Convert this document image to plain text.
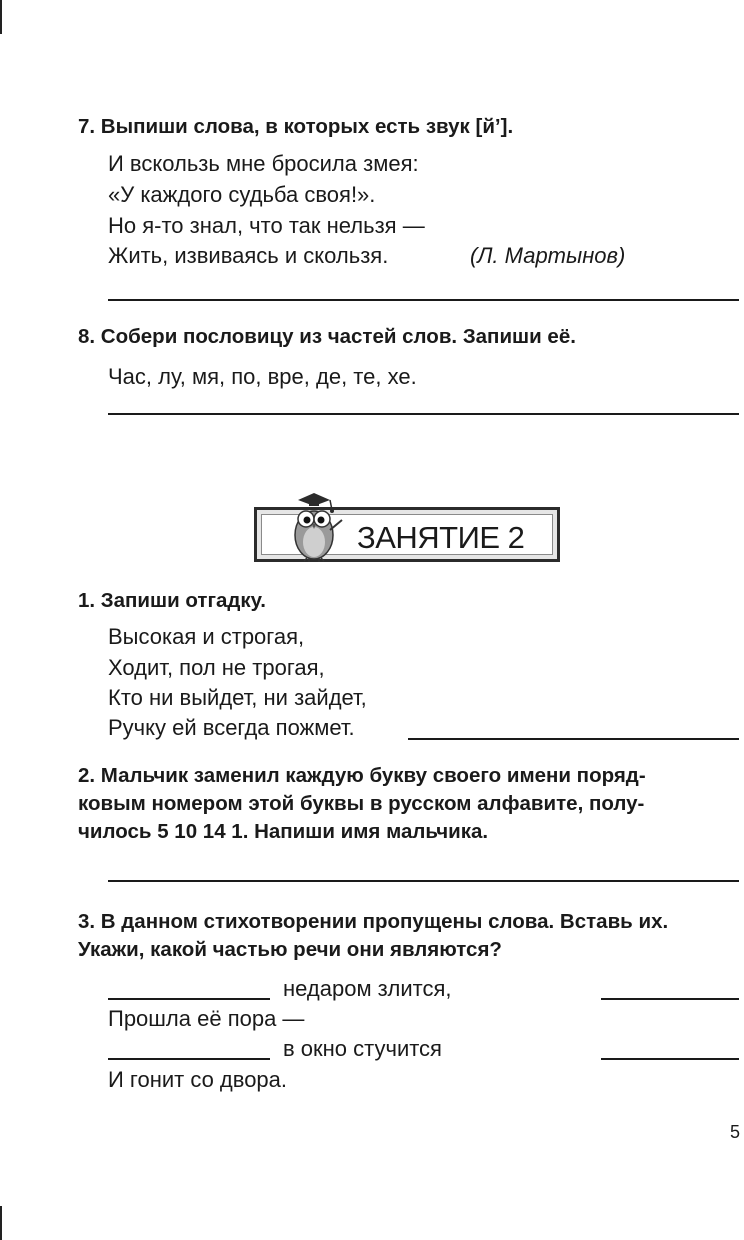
7. Выпиши слова, в которых есть звук [й’].
И вскользь мне бросила змея:
«У каждого судьба своя!».
Но я-то знал, что так нельзя —
Жить, извиваясь и скользя.	(Л. Мартынов)
8. Собери пословицу из частей слов. Запиши её.
Час, лу, мя, по, вре, де, те, хе.
ЗАНЯТИЕ 2
1. Запиши отгадку.
Высокая и строгая,
Ходит, пол не трогая,
Кто ни выйдет, ни зайдет,
Ручку ей всегда пожмет.
2. Мальчик заменил каждую букву своего имени поряд-
ковым номером этой буквы в русском алфавите, полу-
чилось 5 10 14 1. Напиши имя мальчика.
3. В данном стихотворении пропущены слова. Вставь их.
Укажи, какой частью речи они являются?
недаром злится,
Прошла её пора —
в окно стучится
И гонит со двора.
5
